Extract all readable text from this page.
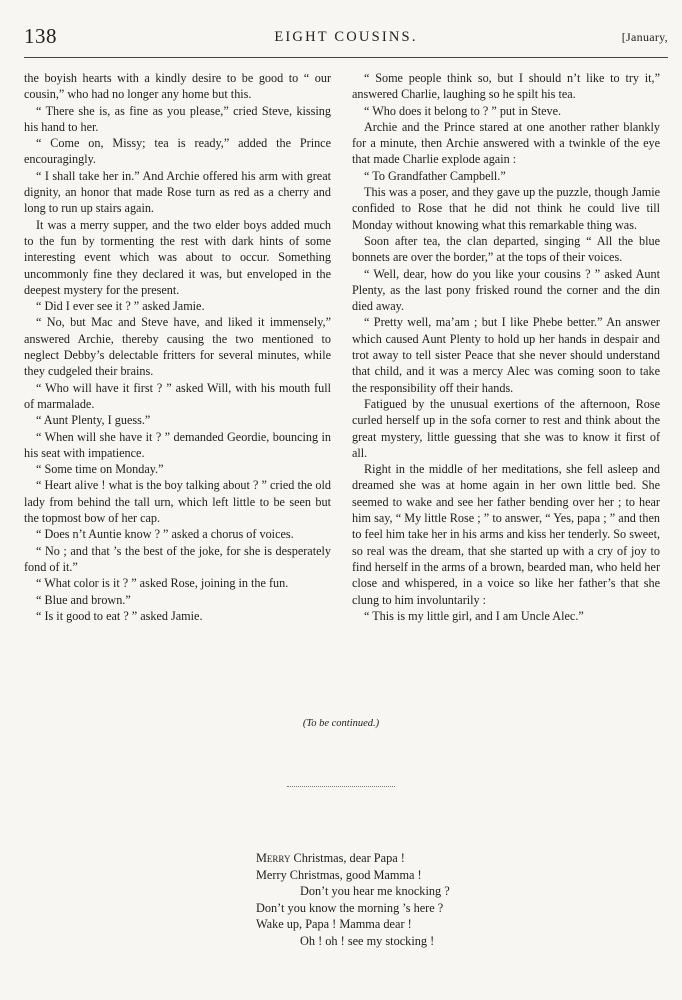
138	EIGHT COUSINS.	[January,

the boyish hearts with a kindly desire to be good to “ our cousin,” who had no longer any home but this.

“ There she is, as fine as you please,” cried Steve, kissing his hand to her.

“ Come on, Missy; tea is ready,” added the Prince encouragingly.

“ I shall take her in.” And Archie offered his arm with great dignity, an honor that made Rose turn as red as a cherry and long to run up stairs again.

It was a merry supper, and the two elder boys added much to the fun by tormenting the rest with dark hints of some interesting event which was about to occur. Something uncommonly fine they declared it was, but enveloped in the deepest mystery for the present.

“ Did I ever see it ? ” asked Jamie.

“ No, but Mac and Steve have, and liked it immensely,” answered Archie, thereby causing the two mentioned to neglect Debby’s delectable fritters for several minutes, while they cudgeled their brains.

“ Who will have it first ? ” asked Will, with his mouth full of marmalade.

“ Aunt Plenty, I guess.”

“ When will she have it ? ” demanded Geordie, bouncing in his seat with impatience.

“ Some time on Monday.”

“ Heart alive ! what is the boy talking about ? ” cried the old lady from behind the tall urn, which left little to be seen but the topmost bow of her cap.

“ Does n’t Auntie know ? ” asked a chorus of voices.

“ No ; and that ’s the best of the joke, for she is desperately fond of it.”

“ What color is it ? ” asked Rose, joining in the fun.

“ Blue and brown.”

“ Is it good to eat ? ” asked Jamie.

“ Some people think so, but I should n’t like to try it,” answered Charlie, laughing so he spilt his tea.

“ Who does it belong to ? ” put in Steve.

Archie and the Prince stared at one another rather blankly for a minute, then Archie answered with a twinkle of the eye that made Charlie explode again :

“ To Grandfather Campbell.”

This was a poser, and they gave up the puzzle, though Jamie confided to Rose that he did not think he could live till Monday without knowing what this remarkable thing was.

Soon after tea, the clan departed, singing “ All the blue bonnets are over the border,” at the tops of their voices.

“ Well, dear, how do you like your cousins ? ” asked Aunt Plenty, as the last pony frisked round the corner and the din died away.

“ Pretty well, ma’am ; but I like Phebe better.” An answer which caused Aunt Plenty to hold up her hands in despair and trot away to tell sister Peace that she never should understand that child, and it was a mercy Alec was coming soon to take the responsibility off their hands.

Fatigued by the unusual exertions of the afternoon, Rose curled herself up in the sofa corner to rest and think about the great mystery, little guessing that she was to know it first of all.

Right in the middle of her meditations, she fell asleep and dreamed she was at home again in her own little bed. She seemed to wake and see her father bending over her ; to hear him say, “ My little Rose ; ” to answer, “ Yes, papa ; ” and then to feel him take her in his arms and kiss her tenderly. So sweet, so real was the dream, that she started up with a cry of joy to find herself in the arms of a brown, bearded man, who held her close and whispered, in a voice so like her father’s that she clung to him involuntarily :

“ This is my little girl, and I am Uncle Alec.”

(To be continued.)
Merry Christmas, dear Papa !
Merry Christmas, good Mamma !
Don’t you hear me knocking ?
Don’t you know the morning ’s here ?
Wake up, Papa ! Mamma dear !
Oh ! oh ! see my stocking !
